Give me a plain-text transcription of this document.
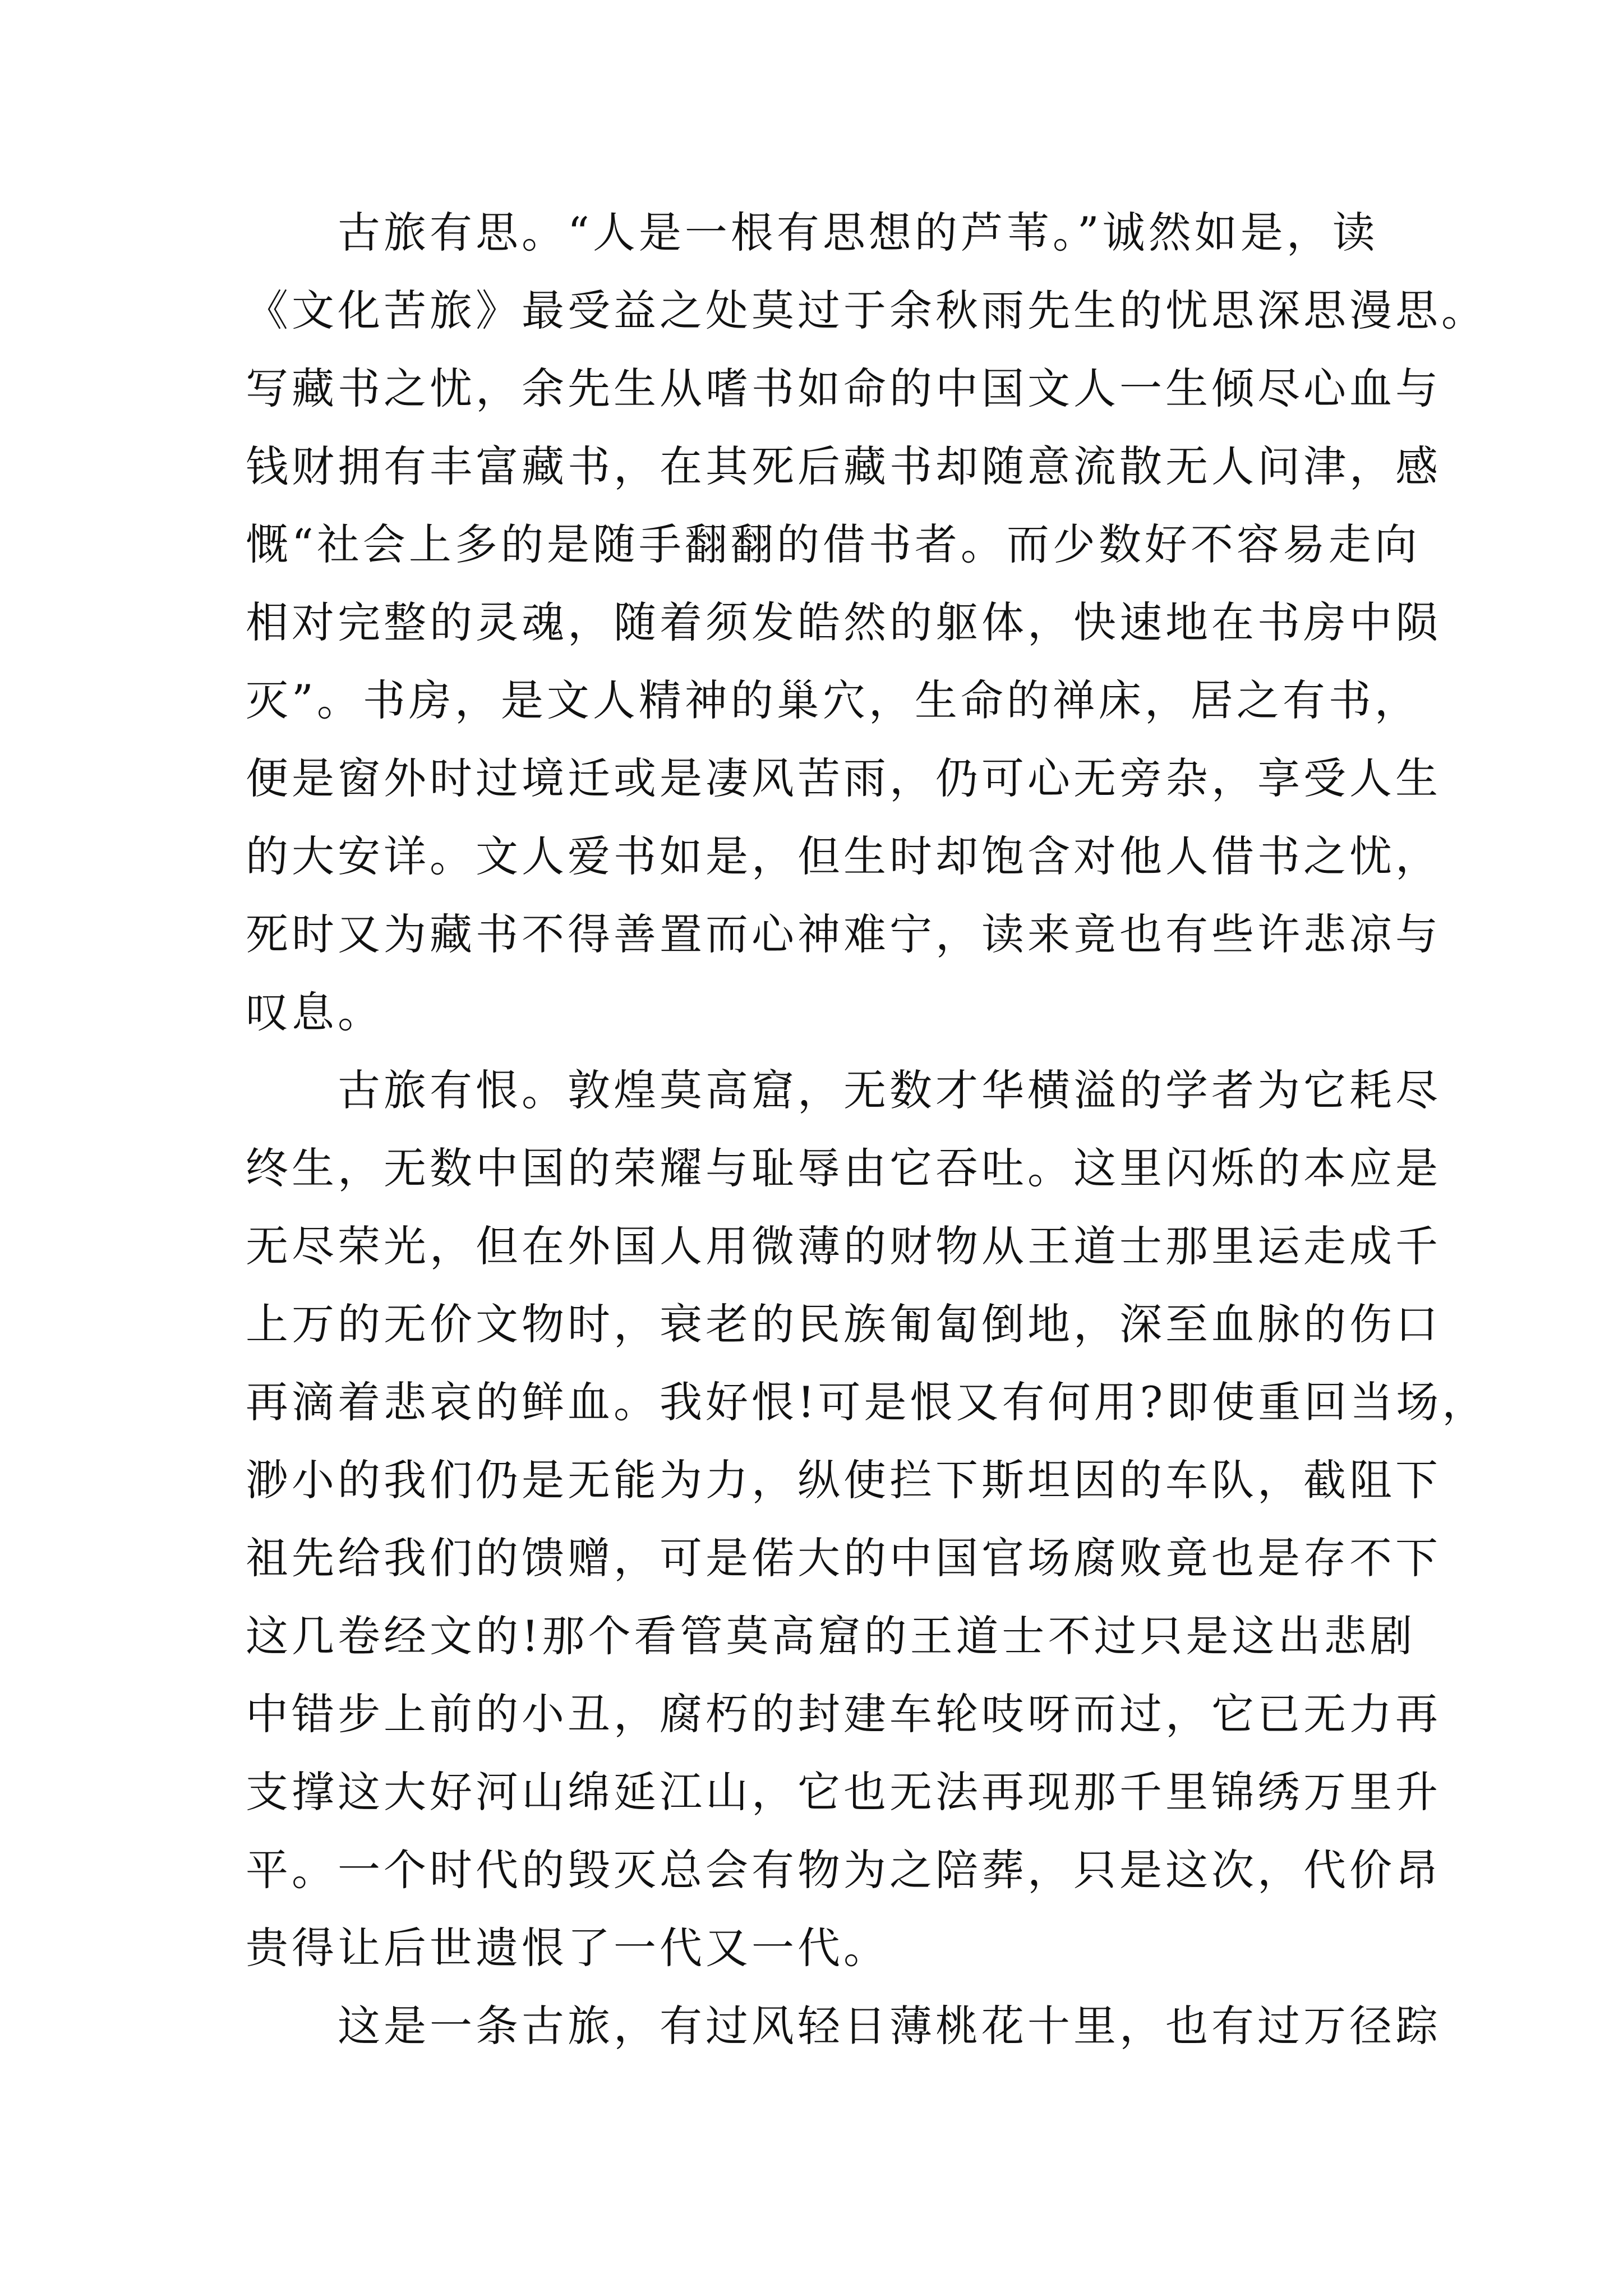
古旅有思。“人是一根有思想的芦苇。”诚然如是，读
《文化苦旅》最受益之处莫过于余秋雨先生的忧思深思漫思。
写藏书之忧，余先生从嗜书如命的中国文人一生倾尽心血与
钱财拥有丰富藏书，在其死后藏书却随意流散无人问津，感
慨“社会上多的是随手翻翻的借书者。而少数好不容易走向
相对完整的灵魂，随着须发皓然的躯体，快速地在书房中陨
灭”。书房，是文人精神的巢穴，生命的禅床，居之有书，
便是窗外时过境迁或是凄风苦雨，仍可心无旁杂，享受人生
的大安详。文人爱书如是，但生时却饱含对他人借书之忧，
死时又为藏书不得善置而心神难宁，读来竟也有些许悲凉与
叹息。
古旅有恨。敦煌莫高窟，无数才华横溢的学者为它耗尽
终生，无数中国的荣耀与耻辱由它吞吐。这里闪烁的本应是
无尽荣光，但在外国人用微薄的财物从王道士那里运走成千
上万的无价文物时，衰老的民族匍匐倒地，深至血脉的伤口
再滴着悲哀的鲜血。我好恨!可是恨又有何用?即使重回当场，
渺小的我们仍是无能为力，纵使拦下斯坦因的车队，截阻下
祖先给我们的馈赠，可是偌大的中国官场腐败竟也是存不下
这几卷经文的!那个看管莫高窟的王道士不过只是这出悲剧
中错步上前的小丑，腐朽的封建车轮吱呀而过，它已无力再
支撑这大好河山绵延江山，它也无法再现那千里锦绣万里升
平。一个时代的毁灭总会有物为之陪葬，只是这次，代价昂
贵得让后世遗恨了一代又一代。
这是一条古旅，有过风轻日薄桃花十里，也有过万径踪
